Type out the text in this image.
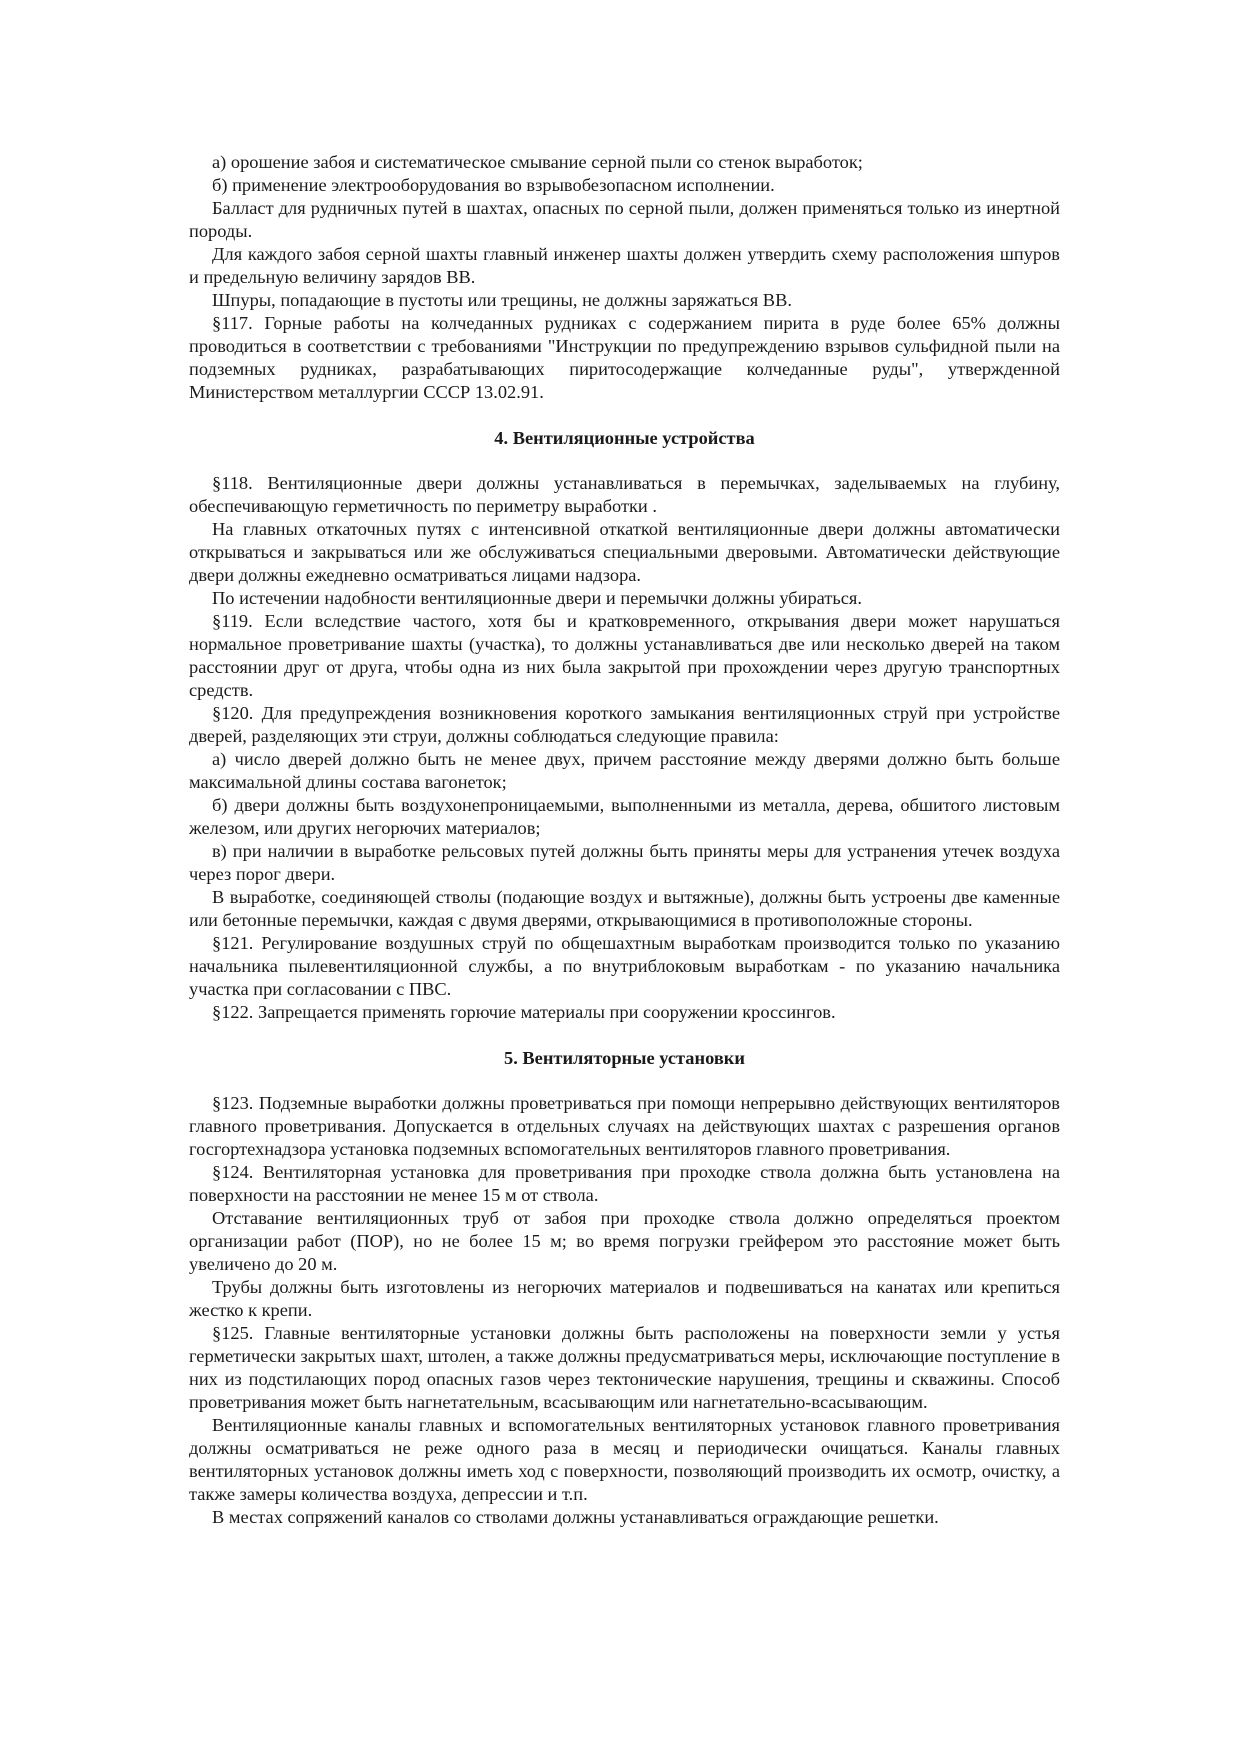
а) орошение забоя и систематическое смывание серной пыли со стенок выработок;

б) применение электрооборудования во взрывобезопасном исполнении.

Балласт для рудничных путей в шахтах, опасных по серной пыли, должен применяться только из инертной породы.

Для каждого забоя серной шахты главный инженер шахты должен утвердить схему расположения шпуров и предельную величину зарядов ВВ.

Шпуры, попадающие в пустоты или трещины, не должны заряжаться ВВ.

§117. Горные работы на колчеданных рудниках с содержанием пирита в руде более 65% должны проводиться в соответствии с требованиями "Инструкции по предупреждению взрывов сульфидной пыли на подземных рудниках, разрабатывающих пиритосодержащие колчеданные руды", утвержденной Министерством металлургии СССР 13.02.91.

4. Вентиляционные устройства

§118. Вентиляционные двери должны устанавливаться в перемычках, заделываемых на глубину, обеспечивающую герметичность по периметру выработки .

На главных откаточных путях с интенсивной откаткой вентиляционные двери должны автоматически открываться и закрываться или же обслуживаться специальными дверовыми. Автоматически действующие двери должны ежедневно осматриваться лицами надзора.

По истечении надобности вентиляционные двери и перемычки должны убираться.

§119. Если вследствие частого, хотя бы и кратковременного, открывания двери может нарушаться нормальное проветривание шахты (участка), то должны устанавливаться две или несколько дверей на таком расстоянии друг от друга, чтобы одна из них была закрытой при прохождении через другую транспортных средств.

§120. Для предупреждения возникновения короткого замыкания вентиляционных струй при устройстве дверей, разделяющих эти струи, должны соблюдаться следующие правила:

а) число дверей должно быть не менее двух, причем расстояние между дверями должно быть больше максимальной длины состава вагонеток;

б) двери должны быть воздухонепроницаемыми, выполненными из металла, дерева, обшитого листовым железом, или других негорючих материалов;

в) при наличии в выработке рельсовых путей должны быть приняты меры для устранения утечек воздуха через порог двери.

В выработке, соединяющей стволы (подающие воздух и вытяжные), должны быть устроены две каменные или бетонные перемычки, каждая с двумя дверями, открывающимися в противоположные стороны.

§121. Регулирование воздушных струй по общешахтным выработкам производится только по указанию начальника пылевентиляционной службы, а по внутриблоковым выработкам - по указанию начальника участка при согласовании с ПВС.

§122. Запрещается применять горючие материалы при сооружении кроссингов.

5. Вентиляторные установки

§123. Подземные выработки должны проветриваться при помощи непрерывно действующих вентиляторов главного проветривания. Допускается в отдельных случаях на действующих шахтах с разрешения органов госгортехнадзора установка подземных вспомогательных вентиляторов главного проветривания.

§124. Вентиляторная установка для проветривания при проходке ствола должна быть установлена на поверхности на расстоянии не менее 15 м от ствола.

Отставание вентиляционных труб от забоя при проходке ствола должно определяться проектом организации работ (ПОР), но не более 15 м; во время погрузки грейфером это расстояние может быть увеличено до 20 м.

Трубы должны быть изготовлены из негорючих материалов и подвешиваться на канатах или крепиться жестко к крепи.

§125. Главные вентиляторные установки должны быть расположены на поверхности земли у устья герметически закрытых шахт, штолен, а также должны предусматриваться меры, исключающие поступление в них из подстилающих пород опасных газов через тектонические нарушения, трещины и скважины. Способ проветривания может быть нагнетательным, всасывающим или нагнетательно-всасывающим.

Вентиляционные каналы главных и вспомогательных вентиляторных установок главного проветривания должны осматриваться не реже одного раза в месяц и периодически очищаться. Каналы главных вентиляторных установок должны иметь ход с поверхности, позволяющий производить их осмотр, очистку, а также замеры количества воздуха, депрессии и т.п.

В местах сопряжений каналов со стволами должны устанавливаться ограждающие решетки.
